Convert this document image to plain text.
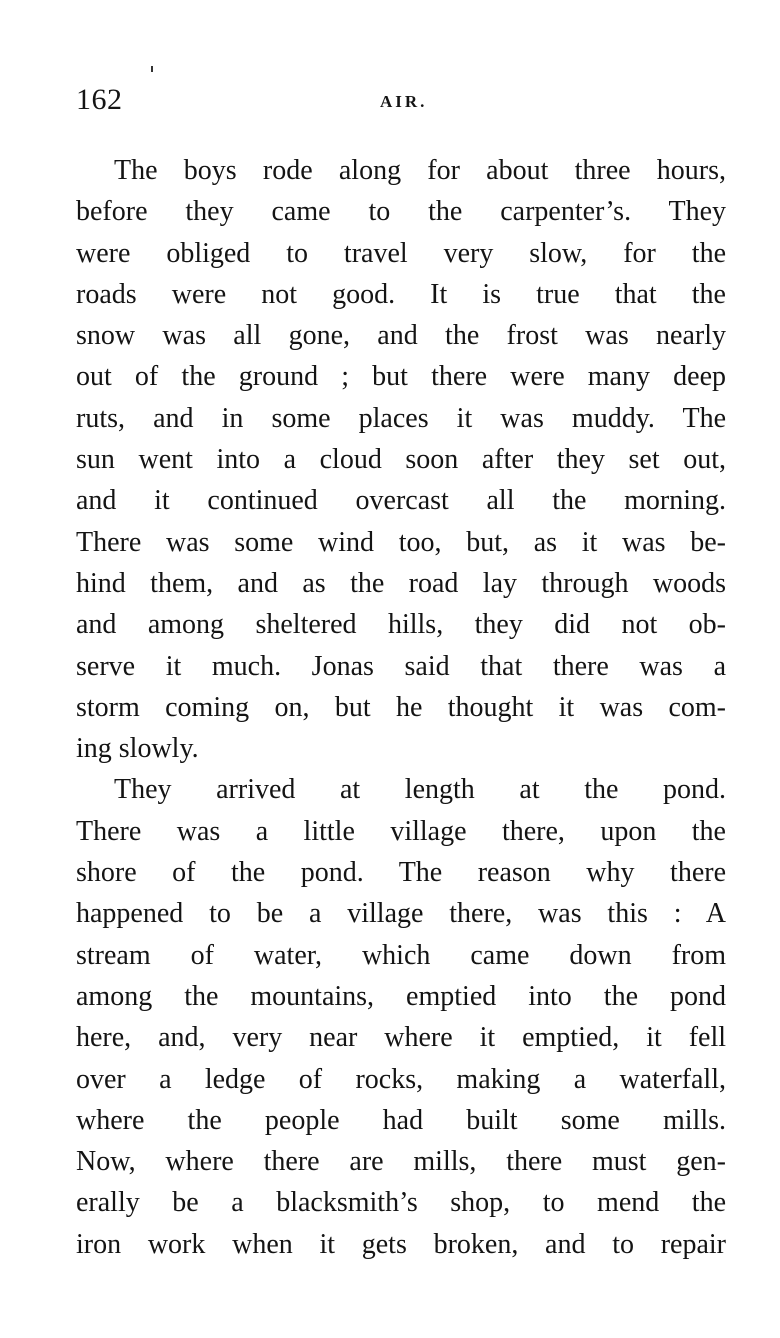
162	AIR.
The boys rode along for about three hours,
before they came to the carpenter’s. They
were obliged to travel very slow, for the
roads were not good. It is true that the
snow was all gone, and the frost was nearly
out of the ground ; but there were many deep
ruts, and in some places it was muddy. The
sun went into a cloud soon after they set out,
and it continued overcast all the morning.
There was some wind too, but, as it was be-
hind them, and as the road lay through woods
and among sheltered hills, they did not ob-
serve it much. Jonas said that there was a
storm coming on, but he thought it was com-
ing slowly.
They arrived at length at the pond.
There was a little village there, upon the
shore of the pond. The reason why there
happened to be a village there, was this : A
stream of water, which came down from
among the mountains, emptied into the pond
here, and, very near where it emptied, it fell
over a ledge of rocks, making a waterfall,
where the people had built some mills.
Now, where there are mills, there must gen-
erally be a blacksmith’s shop, to mend the
iron work when it gets broken, and to repair
